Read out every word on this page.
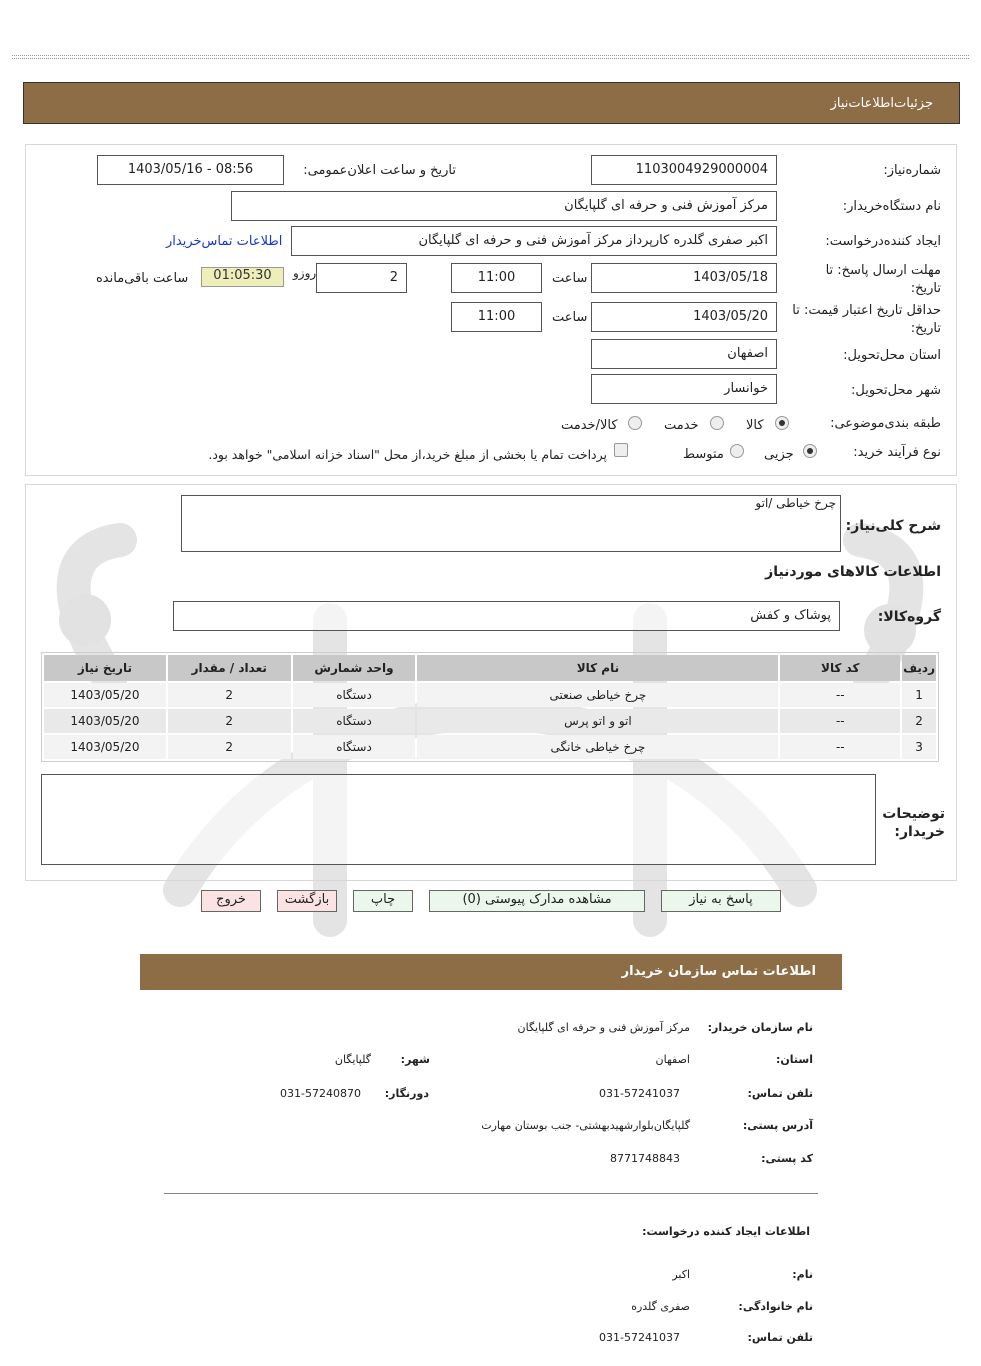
جزئیات‌اطلاعات‌نیاز
شماره‌نیاز:
1103004929000004
تاریخ و ساعت اعلان‌عمومی:
1403/05/16 - 08:56
نام دستگاه‌خریدار:
مرکز آموزش فنی و حرفه ای گلپایگان
ایجاد کننده‌درخواست:
اکبر صفری گلدره کارپرداز مرکز آموزش فنی و حرفه ای گلپایگان
اطلاعات تماس‌خریدار
مهلت ارسال پاسخ: تا
تاریخ:
1403/05/18
ساعت
11:00
2
روزو
01:05:30
ساعت باقی‌مانده
حداقل تاریخ اعتبار قیمت: تا
تاریخ:
1403/05/20
ساعت
11:00
استان محل‌تحویل:
اصفهان
شهر محل‌تحویل:
خوانسار
طبقه بندی‌موضوعی:
کالا
خدمت
کالا/خدمت
نوع فرآیند خرید:
جزیی
متوسط
پرداخت تمام یا بخشی از مبلغ خرید،از محل "اسناد خزانه اسلامی" خواهد بود.
شرح کلی‌نیاز:
چرخ خیاطی /اتو
اطلاعات کالاهای موردنیاز
گروه‌کالا:
پوشاک و کفش
ردیف	کد کالا	نام کالا	واحد شمارش	تعداد / مقدار	تاریخ نیاز
1	--	چرخ خیاطی صنعتی	دستگاه	2	1403/05/20
2	--	اتو و اتو پرس	دستگاه	2	1403/05/20
3	--	چرخ خیاطی خانگی	دستگاه	2	1403/05/20
توضیحات
خریدار:
پاسخ به نیاز
مشاهده مدارک پیوستی (0)
چاپ
بازگشت
خروج
اطلاعات تماس سازمان خریدار
نام سازمان خریدار:
مرکز آموزش فنی و حرفه ای گلپایگان
استان:
اصفهان
شهر:
گلپایگان
تلفن تماس:
031-57241037
دورنگار:
031-57240870
آدرس پستی:
گلپایگان‌بلوارشهیدبهشتی- جنب بوستان مهارت
کد پستی:
8771748843
اطلاعات ایجاد کننده درخواست:
نام:
اکبر
نام خانوادگی:
صفری گلدره
تلفن تماس:
031-57241037
